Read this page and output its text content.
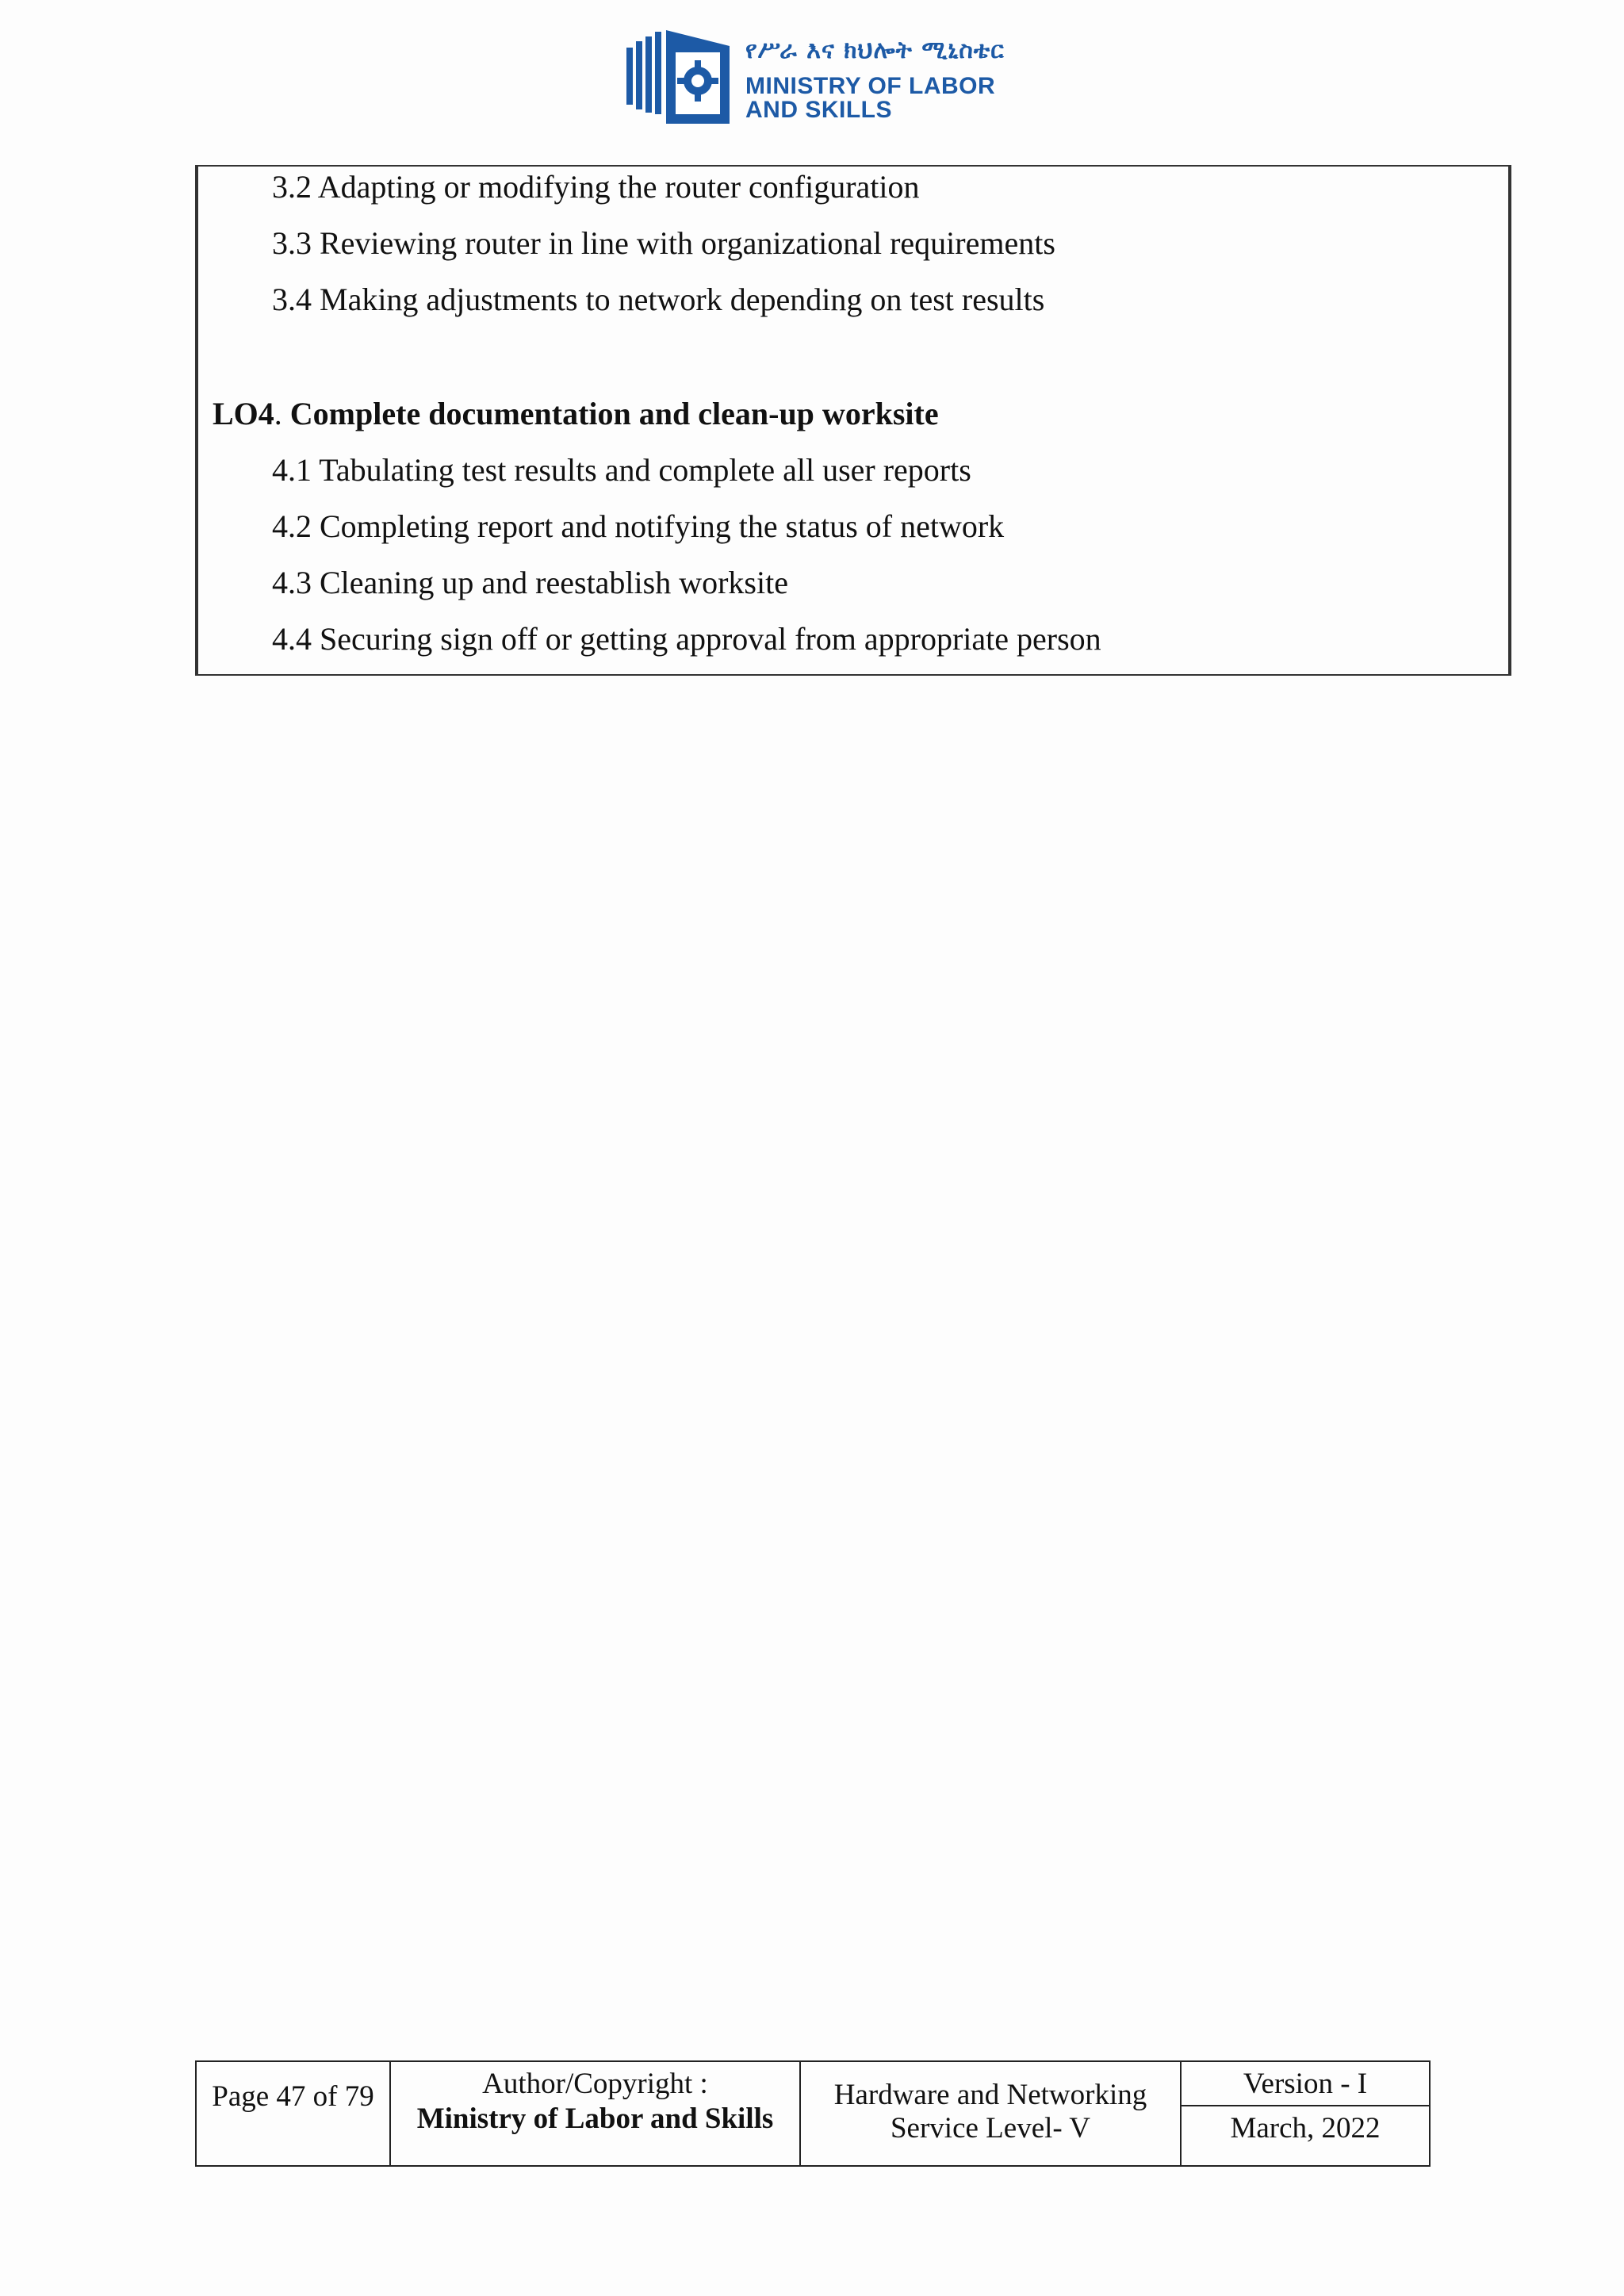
የሥራ እና ክህሎት ሚኒስቴር
MINISTRY OF LABOR
AND SKILLS
3.2 Adapting or modifying the router configuration
3.3 Reviewing router in line with organizational requirements
3.4 Making adjustments to network depending on test results
LO4. Complete documentation and clean-up worksite
4.1 Tabulating test results and complete all user reports
4.2 Completing report and notifying the status of network
4.3 Cleaning up and reestablish worksite
4.4 Securing sign off or getting approval from appropriate person
Page 47 of 79	Author/Copyright :
Ministry of Labor and Skills
Hardware and Networking
Service Level- V
Version - I
March, 2022
